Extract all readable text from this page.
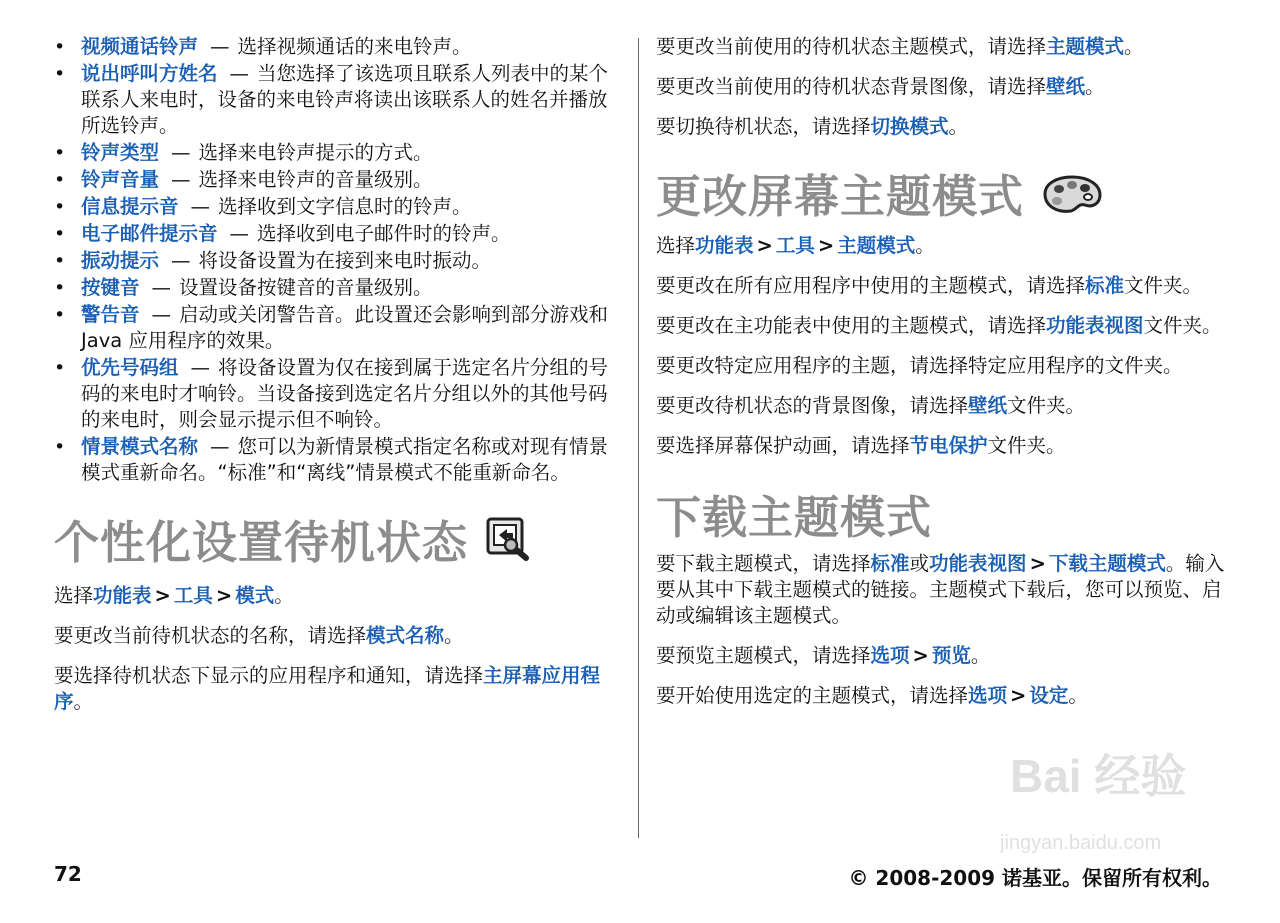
• 视频通话铃声 — 选择视频通话的来电铃声。
• 说出呼叫方姓名 — 当您选择了该选项且联系人列表中的某个联系人来电时，设备的来电铃声将读出该联系人的姓名并播放所选铃声。
• 铃声类型 — 选择来电铃声提示的方式。
• 铃声音量 — 选择来电铃声的音量级别。
• 信息提示音 — 选择收到文字信息时的铃声。
• 电子邮件提示音 — 选择收到电子邮件时的铃声。
• 振动提示 — 将设备设置为在接到来电时振动。
• 按键音 — 设置设备按键音的音量级别。
• 警告音 — 启动或关闭警告音。此设置还会影响到部分游戏和 Java 应用程序的效果。
• 优先号码组 — 将设备设置为仅在接到属于选定名片分组的号码的来电时才响铃。当设备接到选定名片分组以外的其他号码的来电时，则会显示提示但不响铃。
• 情景模式名称 — 您可以为新情景模式指定名称或对现有情景模式重新命名。“标准”和“离线”情景模式不能重新命名。
个性化设置待机状态

选择功能表 > 工具 > 模式。

要更改当前待机状态的名称，请选择模式名称。

要选择待机状态下显示的应用程序和通知，请选择主屏幕应用程序。

要更改当前使用的待机状态主题模式，请选择主题模式。

要更改当前使用的待机状态背景图像，请选择壁纸。

要切换待机状态，请选择切换模式。

更改屏幕主题模式

选择功能表 > 工具 > 主题模式。

要更改在所有应用程序中使用的主题模式，请选择标准文件夹。

要更改在主功能表中使用的主题模式，请选择功能表视图文件夹。

要更改特定应用程序的主题，请选择特定应用程序的文件夹。

要更改待机状态的背景图像，请选择壁纸文件夹。

要选择屏幕保护动画，请选择节电保护文件夹。

下载主题模式

要下载主题模式，请选择标准或功能表视图 > 下载主题模式。输入要从其中下载主题模式的链接。主题模式下载后，您可以预览、启动或编辑该主题模式。

要预览主题模式，请选择选项 > 预览。

要开始使用选定的主题模式，请选择选项 > 设定。

Bai 经验
jingyan.baidu.com
72	© 2008-2009 诺基亚。保留所有权利。
